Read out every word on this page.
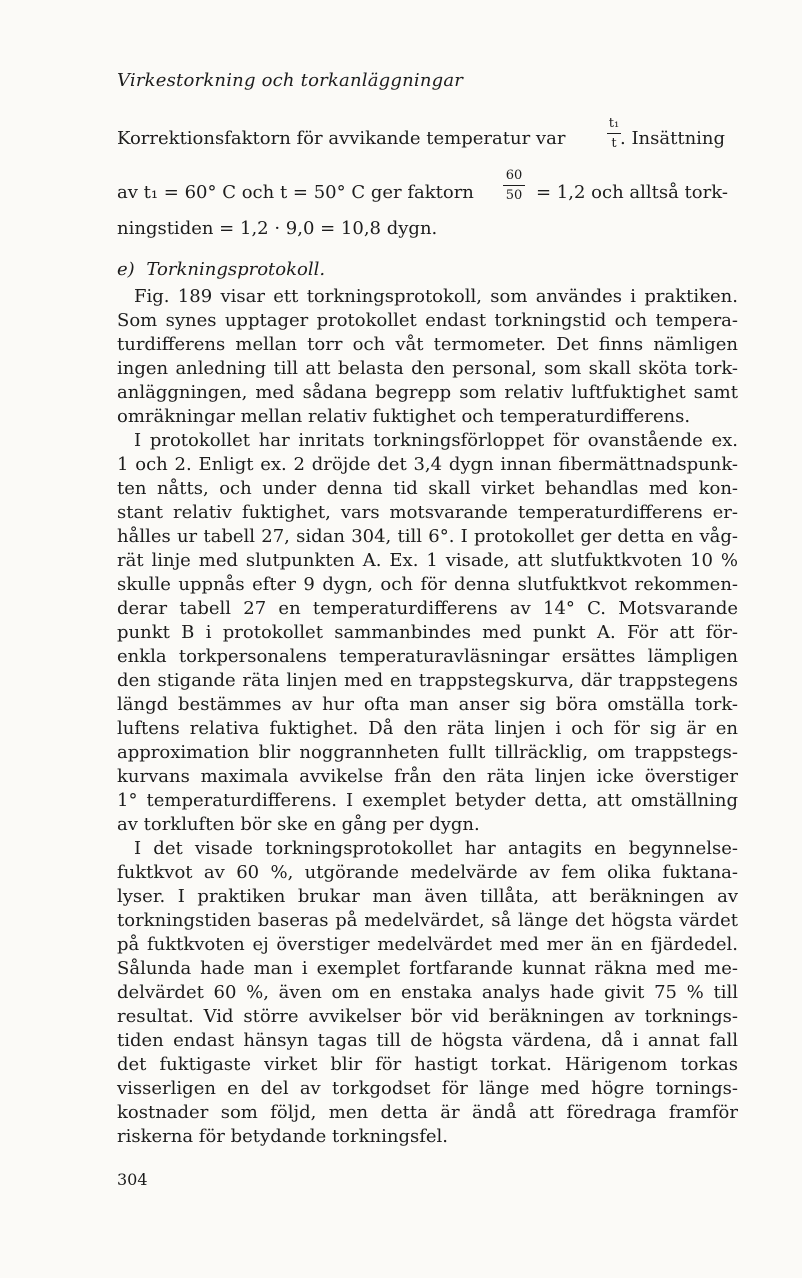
Virkestorkning och torkanläggningar
Korrektionsfaktorn för avvikande temperatur var
t₁
t . Insättning
av t₁ = 60° C och t = 50° C ger faktorn
60
50 = 1,2 och alltså tork-
ningstiden = 1,2 · 9,0 = 10,8 dygn.
e) Torkningsprotokoll.
Fig. 189 visar ett torkningsprotokoll, som användes i praktiken.
Som synes upptager protokollet endast torkningstid och tempera-
turdifferens mellan torr och våt termometer. Det finns nämligen
ingen anledning till att belasta den personal, som skall sköta tork-
anläggningen, med sådana begrepp som relativ luftfuktighet samt
omräkningar mellan relativ fuktighet och temperaturdifferens.
I protokollet har inritats torkningsförloppet för ovanstående ex.
1 och 2. Enligt ex. 2 dröjde det 3,4 dygn innan fibermättnadspunk-
ten nåtts, och under denna tid skall virket behandlas med kon-
stant relativ fuktighet, vars motsvarande temperaturdifferens er-
hålles ur tabell 27, sidan 304, till 6°. I protokollet ger detta en våg-
rät linje med slutpunkten A. Ex. 1 visade, att slutfuktkvoten 10 %
skulle uppnås efter 9 dygn, och för denna slutfuktkvot rekommen-
derar tabell 27 en temperaturdifferens av 14° C. Motsvarande
punkt B i protokollet sammanbindes med punkt A. För att för-
enkla torkpersonalens temperaturavläsningar ersättes lämpligen
den stigande räta linjen med en trappstegskurva, där trappstegens
längd bestämmes av hur ofta man anser sig böra omställa tork-
luftens relativa fuktighet. Då den räta linjen i och för sig är en
approximation blir noggrannheten fullt tillräcklig, om trappstegs-
kurvans maximala avvikelse från den räta linjen icke överstiger
1° temperaturdifferens. I exemplet betyder detta, att omställning
av torkluften bör ske en gång per dygn.
I det visade torkningsprotokollet har antagits en begynnelse-
fuktkvot av 60 %, utgörande medelvärde av fem olika fuktana-
lyser. I praktiken brukar man även tillåta, att beräkningen av
torkningstiden baseras på medelvärdet, så länge det högsta värdet
på fuktkvoten ej överstiger medelvärdet med mer än en fjärdedel.
Sålunda hade man i exemplet fortfarande kunnat räkna med me-
delvärdet 60 %, även om en enstaka analys hade givit 75 % till
resultat. Vid större avvikelser bör vid beräkningen av torknings-
tiden endast hänsyn tagas till de högsta värdena, då i annat fall
det fuktigaste virket blir för hastigt torkat. Härigenom torkas
visserligen en del av torkgodset för länge med högre tornings-
kostnader som följd, men detta är ändå att föredraga framför
riskerna för betydande torkningsfel.
304
